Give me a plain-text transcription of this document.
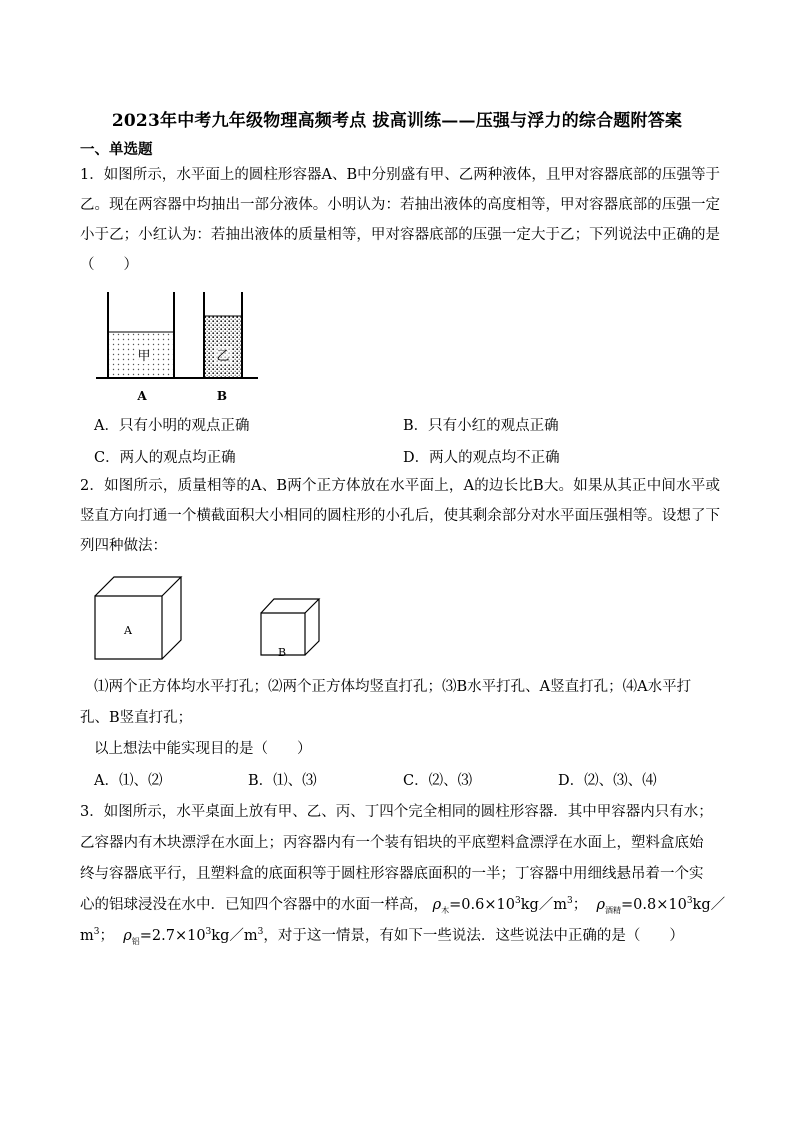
2023年中考九年级物理高频考点 拔高训练——压强与浮力的综合题附答案
一、单选题
1．如图所示，水平面上的圆柱形容器A、B中分别盛有甲、乙两种液体，且甲对容器底部的压强等于乙。现在两容器中均抽出一部分液体。小明认为：若抽出液体的高度相等，甲对容器底部的压强一定小于乙；小红认为：若抽出液体的质量相等，甲对容器底部的压强一定大于乙；下列说法中正确的是（　　）
甲	乙
A	B
A．只有小明的观点正确	B．只有小红的观点正确
C．两人的观点均正确	D．两人的观点均不正确
2．如图所示，质量相等的A、B两个正方体放在水平面上，A的边长比B大。如果从其正中间水平或竖直方向打通一个横截面积大小相同的圆柱形的小孔后，使其剩余部分对水平面压强相等。设想了下列四种做法：
A
B
⑴两个正方体均水平打孔；⑵两个正方体均竖直打孔；⑶B水平打孔、A竖直打孔；⑷A水平打
孔、B竖直打孔；
以上想法中能实现目的是（　　）
A．⑴、⑵	B．⑴、⑶	C．⑵、⑶	D．⑵、⑶、⑷
3．如图所示，水平桌面上放有甲、乙、丙、丁四个完全相同的圆柱形容器．其中甲容器内只有水；
乙容器内有木块漂浮在水面上；丙容器内有一个装有铝块的平底塑料盒漂浮在水面上，塑料盒底始
终与容器底平行，且塑料盒的底面积等于圆柱形容器底面积的一半；丁容器中用细线悬吊着一个实
心的铝球浸没在水中．已知四个容器中的水面一样高， $\rho_木=0.6\times 10^3kg/m^3$；  $\rho_{酒精}=0.8\times 10^3kg/$
$m^3$；  $\rho_铝=2.7\times 10^3kg/m^3$，对于这一情景，有如下一些说法．这些说法中正确的是（　　）
